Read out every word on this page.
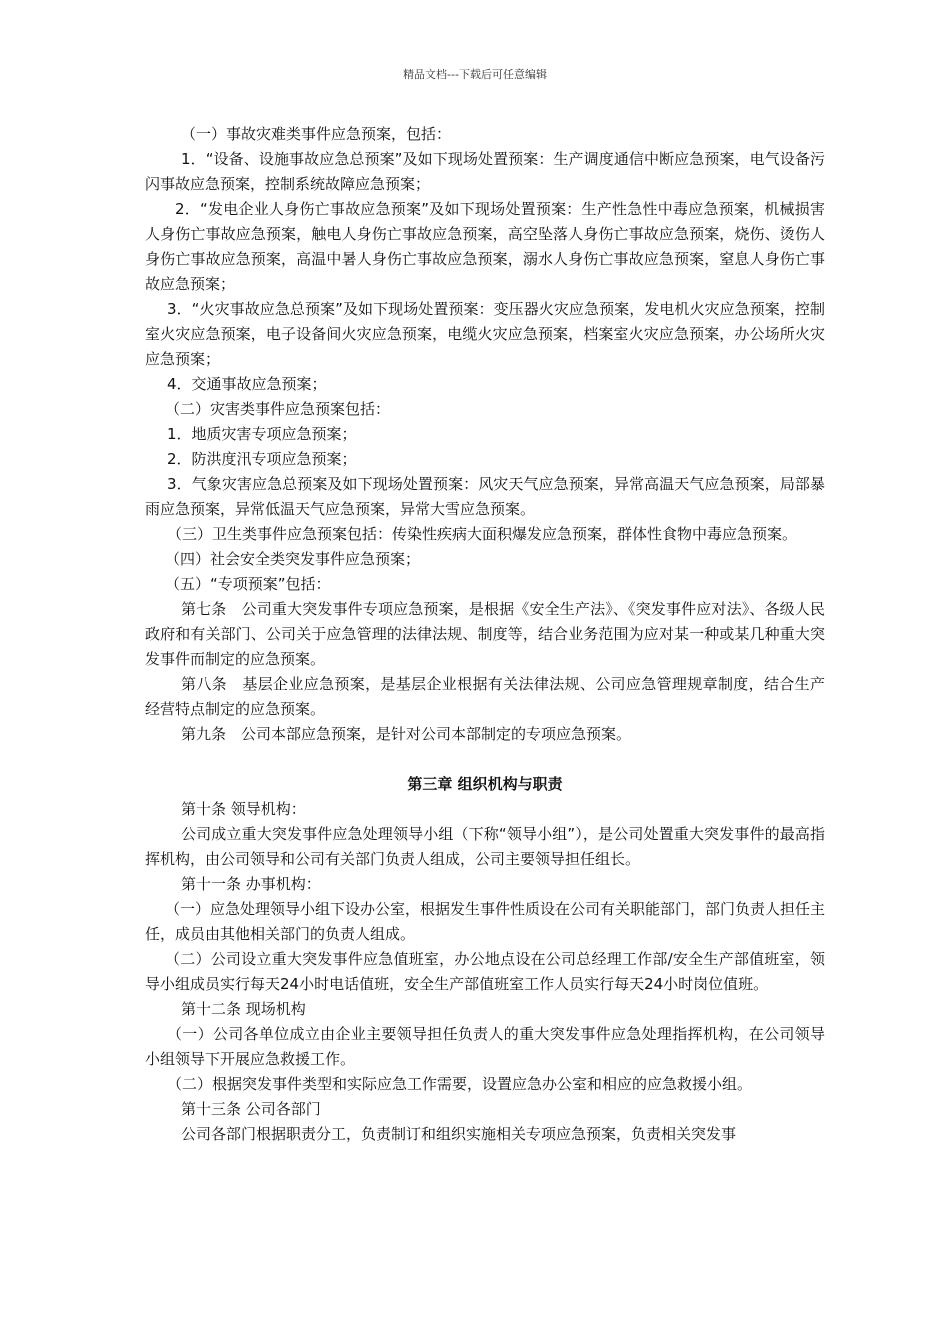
精品文档---下载后可任意编辑

（一）事故灾难类事件应急预案，包括：

1．“设备、设施事故应急总预案”及如下现场处置预案：生产调度通信中断应急预案，电气设备污闪事故应急预案，控制系统故障应急预案；

2．“发电企业人身伤亡事故应急预案”及如下现场处置预案：生产性急性中毒应急预案，机械损害人身伤亡事故应急预案，触电人身伤亡事故应急预案，高空坠落人身伤亡事故应急预案，烧伤、烫伤人身伤亡事故应急预案，高温中暑人身伤亡事故应急预案，溺水人身伤亡事故应急预案，窒息人身伤亡事故应急预案；

3．“火灾事故应急总预案”及如下现场处置预案：变压器火灾应急预案，发电机火灾应急预案，控制室火灾应急预案，电子设备间火灾应急预案，电缆火灾应急预案，档案室火灾应急预案，办公场所火灾应急预案；

4．交通事故应急预案；

（二）灾害类事件应急预案包括：

1．地质灾害专项应急预案；

2．防洪度汛专项应急预案；

3．气象灾害应急总预案及如下现场处置预案：风灾天气应急预案，异常高温天气应急预案，局部暴雨应急预案，异常低温天气应急预案，异常大雪应急预案。

（三）卫生类事件应急预案包括：传染性疾病大面积爆发应急预案，群体性食物中毒应急预案。

（四）社会安全类突发事件应急预案；

（五）“专项预案”包括：

第七条　公司重大突发事件专项应急预案，是根据《安全生产法》、《突发事件应对法》、各级人民政府和有关部门、公司关于应急管理的法律法规、制度等，结合业务范围为应对某一种或某几种重大突发事件而制定的应急预案。

第八条　基层企业应急预案，是基层企业根据有关法律法规、公司应急管理规章制度，结合生产经营特点制定的应急预案。

第九条　公司本部应急预案，是针对公司本部制定的专项应急预案。

第三章 组织机构与职责

第十条 领导机构：

公司成立重大突发事件应急处理领导小组（下称“领导小组”），是公司处置重大突发事件的最高指挥机构，由公司领导和公司有关部门负责人组成，公司主要领导担任组长。

第十一条 办事机构：

（一）应急处理领导小组下设办公室，根据发生事件性质设在公司有关职能部门，部门负责人担任主任，成员由其他相关部门的负责人组成。

（二）公司设立重大突发事件应急值班室，办公地点设在公司总经理工作部/安全生产部值班室，领导小组成员实行每天24小时电话值班，安全生产部值班室工作人员实行每天24小时岗位值班。

第十二条 现场机构

（一）公司各单位成立由企业主要领导担任负责人的重大突发事件应急处理指挥机构，在公司领导小组领导下开展应急救援工作。

（二）根据突发事件类型和实际应急工作需要，设置应急办公室和相应的应急救援小组。

第十三条 公司各部门

公司各部门根据职责分工，负责制订和组织实施相关专项应急预案，负责相关突发事
